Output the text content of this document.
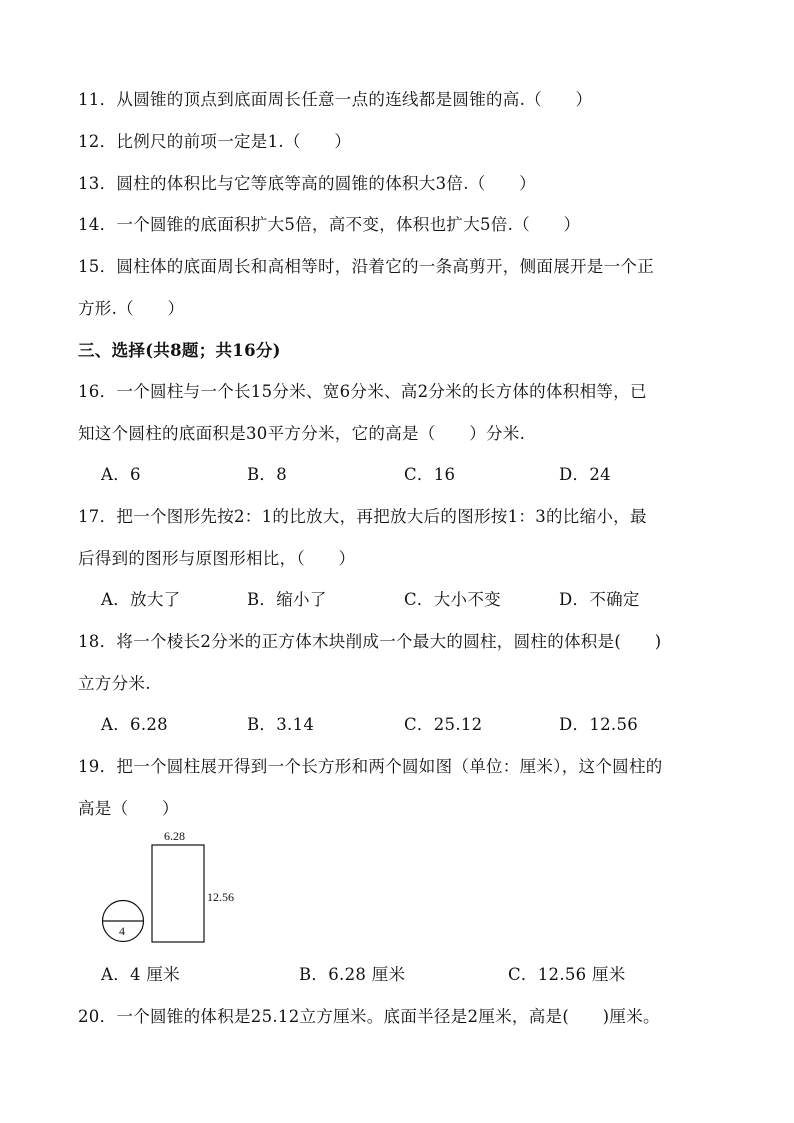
11．从圆锥的顶点到底面周长任意一点的连线都是圆锥的高.（　　）
12．比例尺的前项一定是1.（　　）
13．圆柱的体积比与它等底等高的圆锥的体积大3倍.（　　）
14．一个圆锥的底面积扩大5倍，高不变，体积也扩大5倍.（　　）
15．圆柱体的底面周长和高相等时，沿着它的一条高剪开，侧面展开是一个正
方形.（　　）
三、选择(共8题；共16分)
16．一个圆柱与一个长15分米、宽6分米、高2分米的长方体的体积相等，已
知这个圆柱的底面积是30平方分米，它的高是（　　）分米.
A．6	B．8	C．16	D．24
17．把一个图形先按2：1的比放大，再把放大后的图形按1：3的比缩小，最
后得到的图形与原图形相比，（　　）
A．放大了	B．缩小了	C．大小不变	D．不确定
18．将一个棱长2分米的正方体木块削成一个最大的圆柱，圆柱的体积是(　　)
立方分米.
A．6.28	B．3.14	C．25.12	D．12.56
19．把一个圆柱展开得到一个长方形和两个圆如图（单位：厘米），这个圆柱的
高是（　　）
6.28
12.56
4
A．4 厘米	B．6.28 厘米	C．12.56 厘米
20．一个圆锥的体积是25.12立方厘米。底面半径是2厘米，高是(　　)厘米。
